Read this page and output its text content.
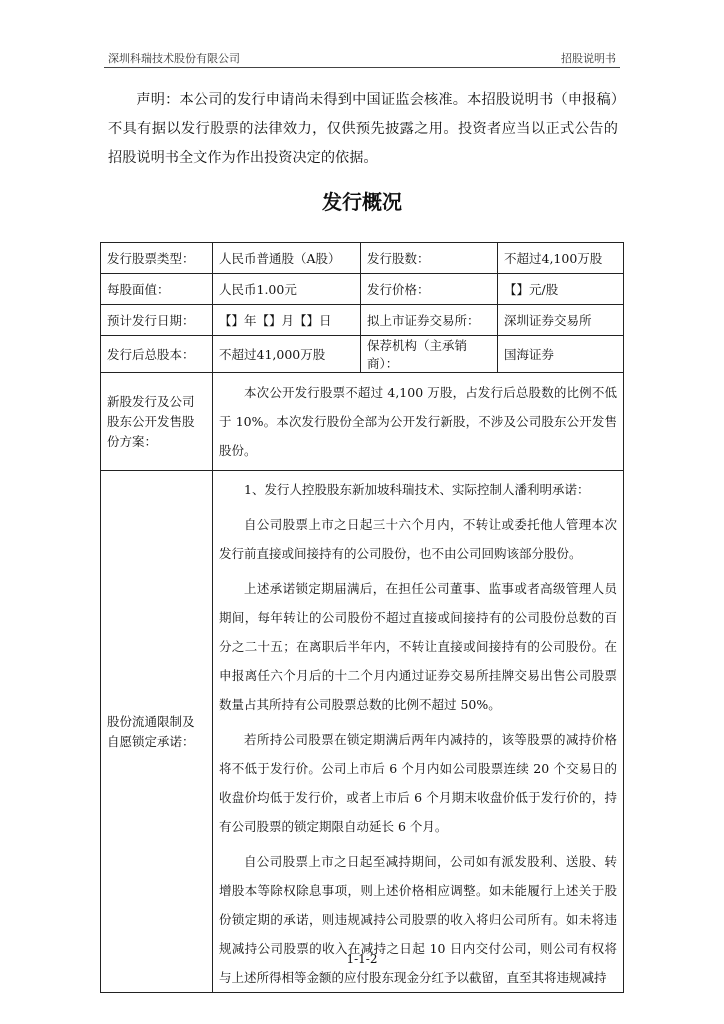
深圳科瑞技术股份有限公司	招股说明书

声明：本公司的发行申请尚未得到中国证监会核准。本招股说明书（申报稿）不具有据以发行股票的法律效力，仅供预先披露之用。投资者应当以正式公告的招股说明书全文作为作出投资决定的依据。

发行概况
发行股票类型：	人民币普通股（A股）	发行股数：	不超过4,100万股
每股面值：	人民币1.00元	发行价格：	【】元/股
预计发行日期：	【】年【】月【】日	拟上市证券交易所：	深圳证券交易所
发行后总股本：	不超过41,000万股	保荐机构（主承销商）：	国海证券
新股发行及公司股东公开发售股份方案：	本次公开发行股票不超过 4,100 万股，占发行后总股数的比例不低于 10%。本次发行股份全部为公开发行新股，不涉及公司股东公开发售股份。		

股份流通限制及自愿锁定承诺：	1、发行人控股股东新加坡科瑞技术、实际控制人潘利明承诺：

自公司股票上市之日起三十六个月内，不转让或委托他人管理本次发行前直接或间接持有的公司股份，也不由公司回购该部分股份。

上述承诺锁定期届满后，在担任公司董事、监事或者高级管理人员期间，每年转让的公司股份不超过直接或间接持有的公司股份总数的百分之二十五；在离职后半年内，不转让直接或间接持有的公司股份。在申报离任六个月后的十二个月内通过证券交易所挂牌交易出售公司股票数量占其所持有公司股票总数的比例不超过 50%。

若所持公司股票在锁定期满后两年内减持的，该等股票的减持价格将不低于发行价。公司上市后 6 个月内如公司股票连续 20 个交易日的收盘价均低于发行价，或者上市后 6 个月期末收盘价低于发行价的，持有公司股票的锁定期限自动延长 6 个月。

自公司股票上市之日起至减持期间，公司如有派发股利、送股、转增股本等除权除息事项，则上述价格相应调整。如未能履行上述关于股份锁定期的承诺，则违规减持公司股票的收入将归公司所有。如未将违规减持公司股票的收入在减持之日起 10 日内交付公司，则公司有权将与上述所得相等金额的应付股东现金分红予以截留，直至其将违规减持		

1-1-2
